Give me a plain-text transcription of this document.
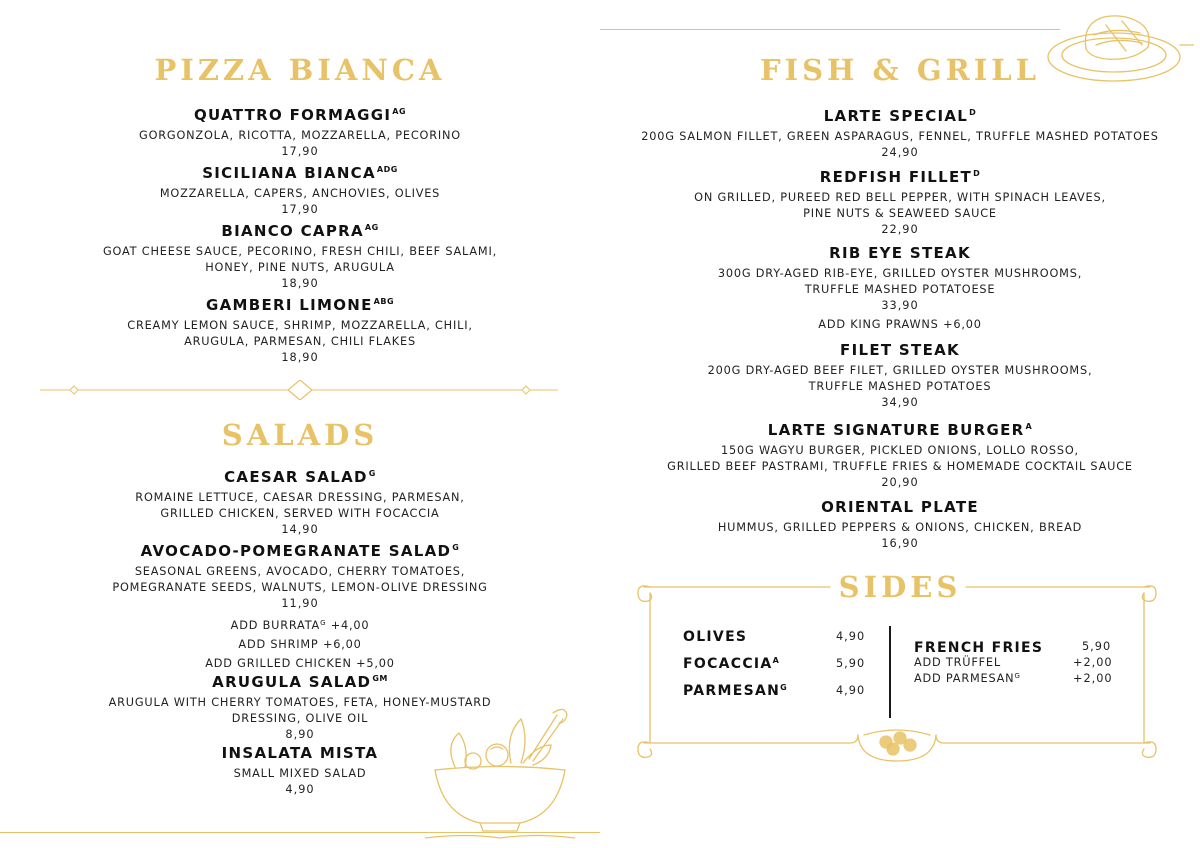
PIZZA BIANCA
QUATTRO $FORMAGGI^{AG}$
GORGONZOLA, RICOTTA, MOZZARELLA, PECORINO
17,90
SICILIANA $BIANCA^{ADG}$
MOZZARELLA, CAPERS, ANCHOVIES, OLIVES
17,90
BIANCO $CAPRA^{AG}$
GOAT CHEESE SAUCE, PECORINO, FRESH CHILI, BEEF SALAMI,
HONEY, PINE NUTS, ARUGULA
18,90
GAMBERI $LIMONE^{ABG}$
CREAMY LEMON SAUCE, SHRIMP, MOZZARELLA, CHILI,
ARUGULA, PARMESAN, CHILI FLAKES
18,90
SALADS
CAESAR $SALAD^G$
ROMAINE LETTUCE, CAESAR DRESSING, PARMESAN,
GRILLED CHICKEN, SERVED WITH FOCACCIA
14,90
AVOCADO-POMEGRANATE $SALAD^G$
SEASONAL GREENS, AVOCADO, CHERRY TOMATOES,
POMEGRANATE SEEDS, WALNUTS, LEMON-OLIVE DRESSING
11,90
ADD $BURRATA^G +4,00$
ADD SHRIMP +6,00
ADD GRILLED CHICKEN +5,00
ARUGULA $SALAD^{GM}$
ARUGULA WITH CHERRY TOMATOES, FETA, HONEY-MUSTARD
DRESSING, OLIVE OIL
8,90
INSALATA MISTA
SMALL MIXED SALAD
4,90
FISH & GRILL
LARTE $SPECIAL^D$
200G SALMON FILLET, GREEN ASPARAGUS, FENNEL, TRUFFLE MASHED POTATOES
24,90
REDFISH $FILLET^D$
ON GRILLED, PUREED RED BELL PEPPER, WITH SPINACH LEAVES,
PINE NUTS & SEAWEED SAUCE
22,90
RIB EYE STEAK
300G DRY-AGED RIB-EYE, GRILLED OYSTER MUSHROOMS,
TRUFFLE MASHED POTATOESE
33,90
ADD KING PRAWNS +6,00
FILET STEAK
200G DRY-AGED BEEF FILET, GRILLED OYSTER MUSHROOMS,
TRUFFLE MASHED POTATOES
34,90
LARTE SIGNATURE $BURGER^A$
150G WAGYU BURGER, PICKLED ONIONS, LOLLO ROSSO,
GRILLED BEEF PASTRAMI, TRUFFLE FRIES & HOMEMADE COCKTAIL SAUCE
20,90
ORIENTAL PLATE
HUMMUS, GRILLED PEPPERS & ONIONS, CHICKEN, BREAD
16,90
SIDES
OLIVES	4,90
$FOCACCIA^A$	5,90
$PARMESAN^G$	4,90
FRENCH FRIES	5,90
ADD TRÜFFEL	+2,00
ADD $PARMESAN^G$	+2,00
